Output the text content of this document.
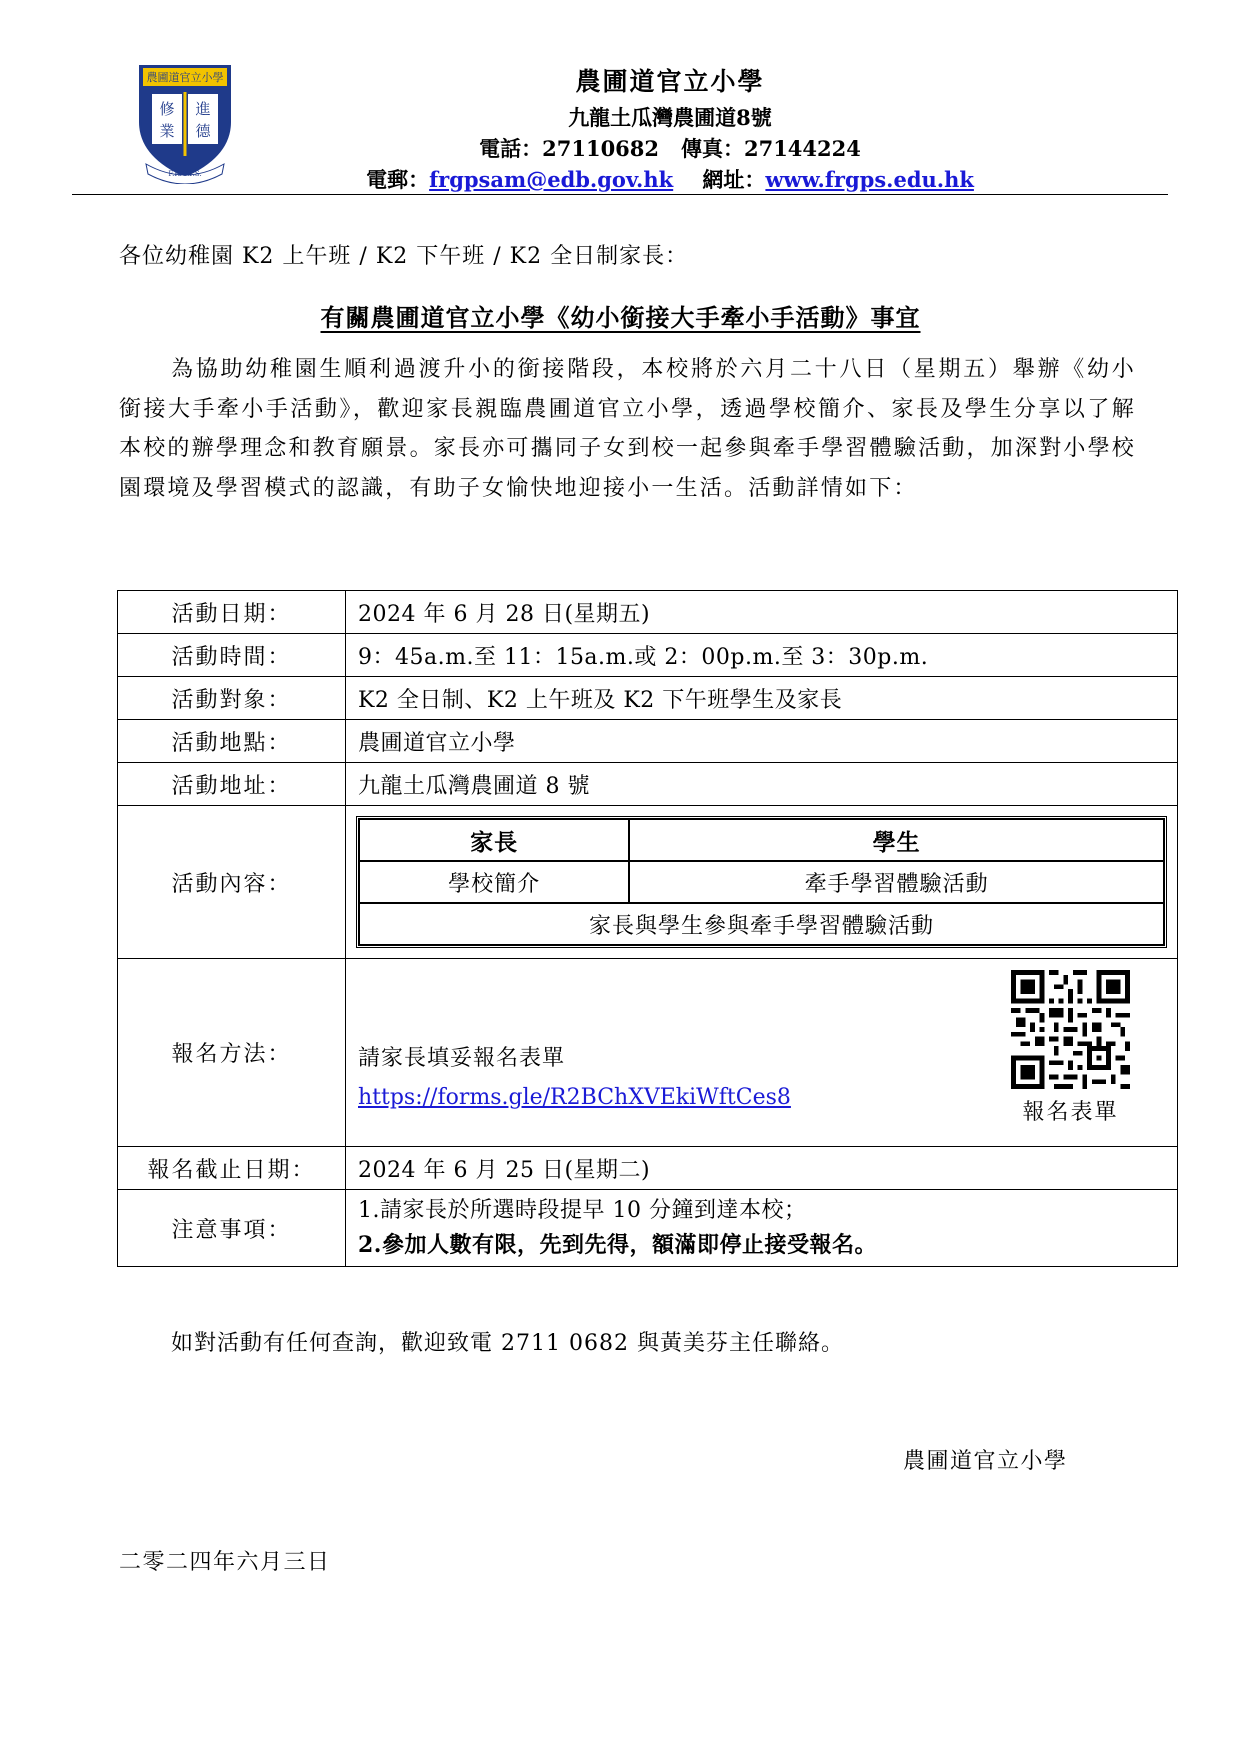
農圃道官立小學
修
業
進
德
F.R.G.P.S.
農圃道官立小學
九龍土瓜灣農圃道8號
電話：27110682 傳真：27144224
電郵：frgpsam@edb.gov.hk 網址：www.frgps.edu.hk
各位幼稚園 K2 上午班 / K2 下午班 / K2 全日制家長：
有關農圃道官立小學《幼小銜接大手牽小手活動》事宜

為協助幼稚園生順利過渡升小的銜接階段，本校將於六月二十八日（星期五）舉辦《幼小銜接大手牽小手活動》，歡迎家長親臨農圃道官立小學，透過學校簡介、家長及學生分享以了解本校的辦學理念和教育願景。家長亦可攜同子女到校一起參與牽手學習體驗活動，加深對小學校園環境及學習模式的認識，有助子女愉快地迎接小一生活。活動詳情如下：

活動日期：	2024 年 6 月 28 日(星期五)
活動時間：	9：45a.m.至 11：15a.m.或 2：00p.m.至 3：30p.m.
活動對象：	K2 全日制、K2 上午班及 K2 下午班學生及家長
活動地點：	農圃道官立小學
活動地址：	九龍土瓜灣農圃道 8 號
活動內容：	
家長	學生
學校簡介	牽手學習體驗活動
家長與學生參與牽手學習體驗活動

報名方法：	請家長填妥報名表單
https://forms.gle/R2BChXVEkiWftCes8
報名表單

報名截止日期：	2024 年 6 月 25 日(星期二)
注意事項：	
1.請家長於所選時段提早 10 分鐘到達本校；
2.參加人數有限，先到先得，額滿即停止接受報名。
如對活動有任何查詢，歡迎致電 2711 0682 與黃美芬主任聯絡。
農圃道官立小學
二零二四年六月三日
